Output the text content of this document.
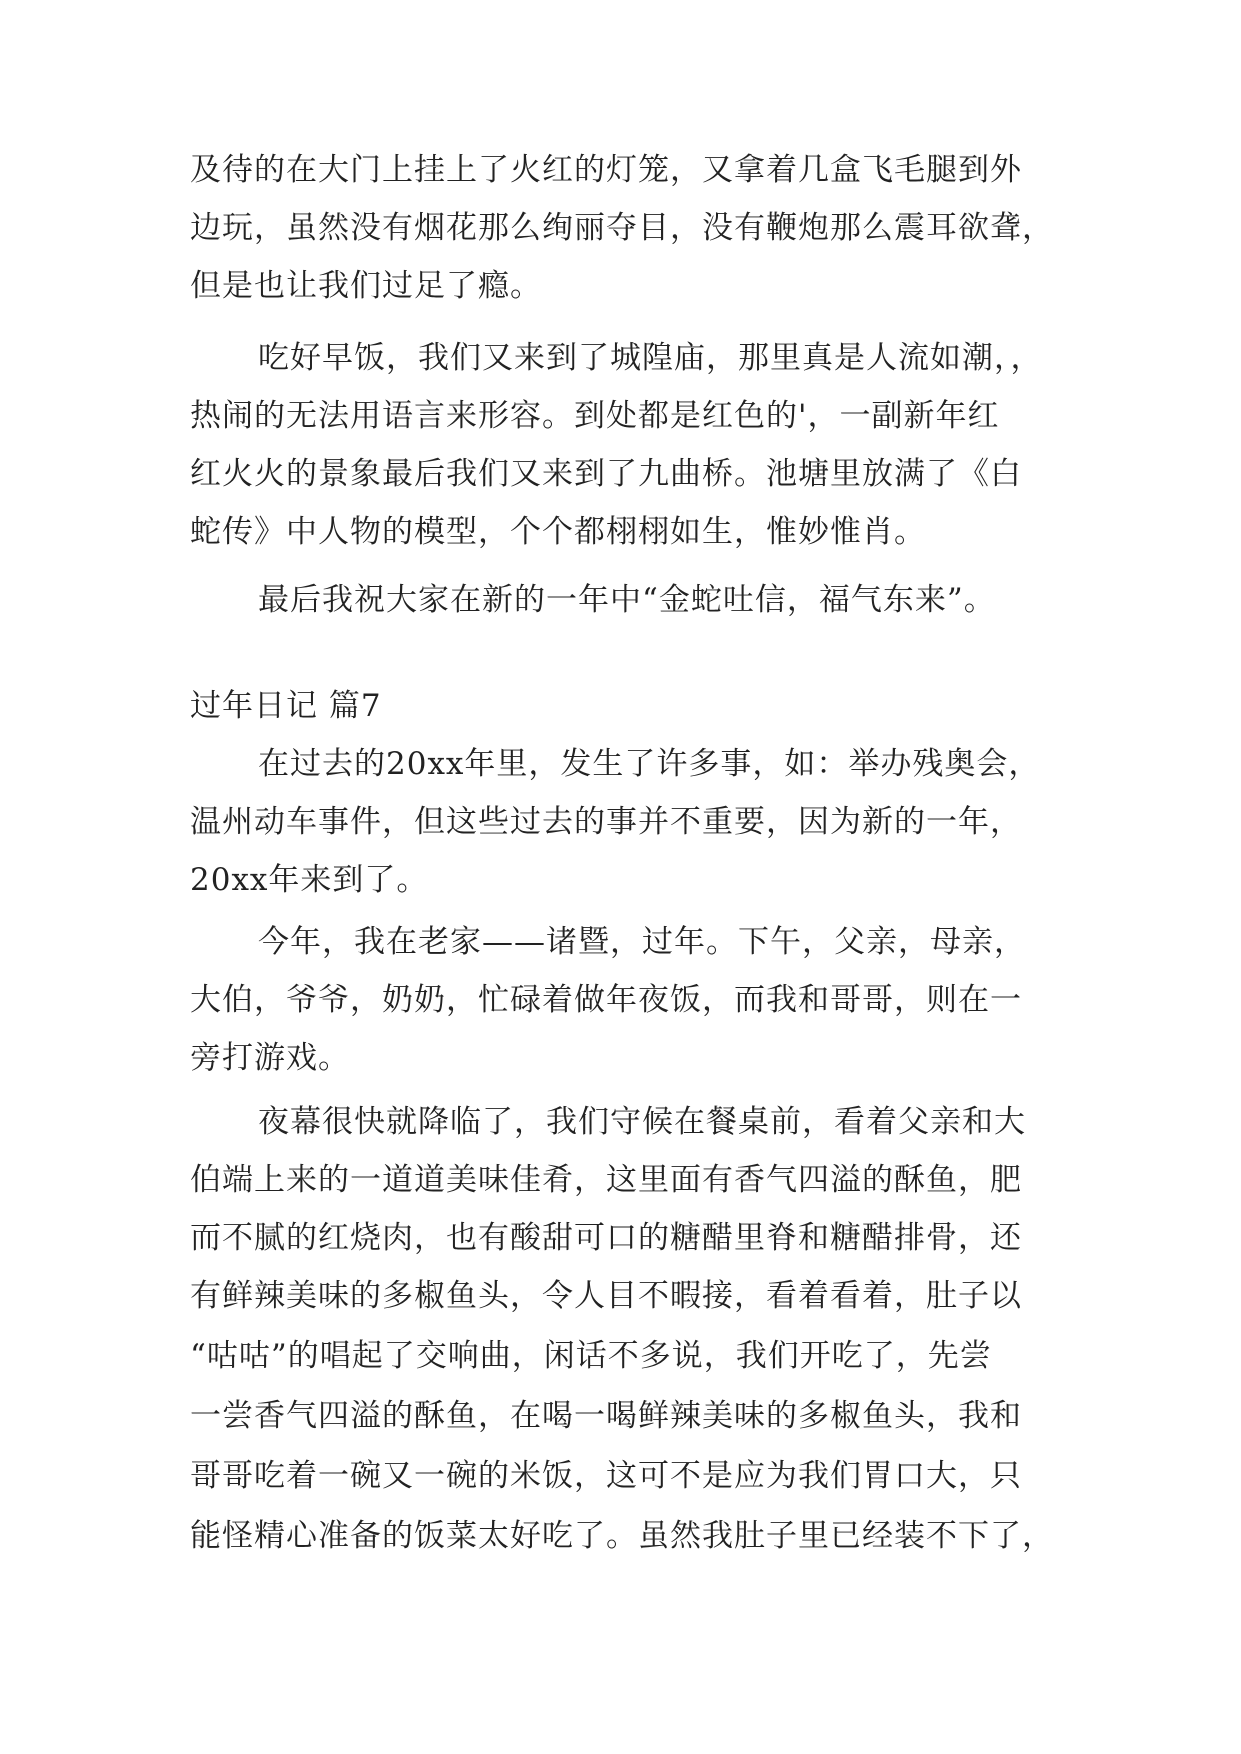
及待的在大门上挂上了火红的灯笼，又拿着几盒飞毛腿到外
边玩，虽然没有烟花那么绚丽夺目，没有鞭炮那么震耳欲聋，
但是也让我们过足了瘾。
吃好早饭，我们又来到了城隍庙，那里真是人流如潮，，
热闹的无法用语言来形容。到处都是红色的'，一副新年红
红火火的景象最后我们又来到了九曲桥。池塘里放满了《白
蛇传》中人物的模型，个个都栩栩如生，惟妙惟肖。
最后我祝大家在新的一年中“金蛇吐信，福气东来”。
过年日记 篇7
在过去的20xx年里，发生了许多事，如：举办残奥会，
温州动车事件，但这些过去的事并不重要，因为新的一年，
20xx年来到了。
今年，我在老家——诸暨，过年。下午，父亲，母亲，
大伯，爷爷，奶奶，忙碌着做年夜饭，而我和哥哥，则在一
旁打游戏。
夜幕很快就降临了，我们守候在餐桌前，看着父亲和大
伯端上来的一道道美味佳肴，这里面有香气四溢的酥鱼，肥
而不腻的红烧肉，也有酸甜可口的糖醋里脊和糖醋排骨，还
有鲜辣美味的多椒鱼头，令人目不暇接，看着看着，肚子以
“咕咕”的唱起了交响曲，闲话不多说，我们开吃了，先尝
一尝香气四溢的酥鱼，在喝一喝鲜辣美味的多椒鱼头，我和
哥哥吃着一碗又一碗的米饭，这可不是应为我们胃口大，只
能怪精心准备的饭菜太好吃了。虽然我肚子里已经装不下了，
